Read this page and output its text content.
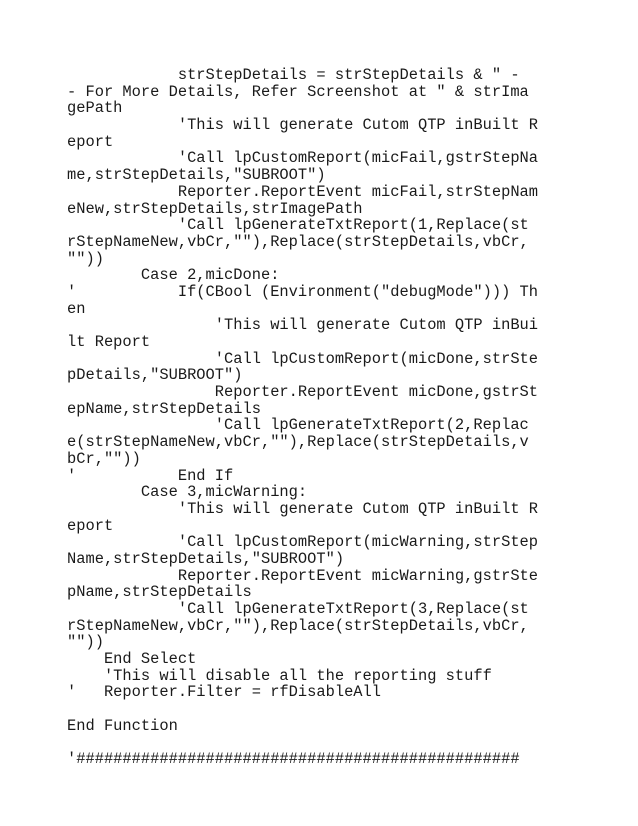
strStepDetails = strStepDetails & " -
- For More Details, Refer Screenshot at " & strIma
gePath
'This will generate Cutom QTP inBuilt R
eport
'Call lpCustomReport(micFail,gstrStepNa
me,strStepDetails,"SUBROOT")
Reporter.ReportEvent micFail,strStepNam
eNew,strStepDetails,strImagePath
'Call lpGenerateTxtReport(1,Replace(st
rStepNameNew,vbCr,""),Replace(strStepDetails,vbCr,
""))
Case 2,micDone:
'           If(CBool (Environment("debugMode"))) Th
en
'This will generate Cutom QTP inBui
lt Report
'Call lpCustomReport(micDone,strSte
pDetails,"SUBROOT")
Reporter.ReportEvent micDone,gstrSt
epName,strStepDetails
'Call lpGenerateTxtReport(2,Replac
e(strStepNameNew,vbCr,""),Replace(strStepDetails,v
bCr,""))
'           End If
Case 3,micWarning:
'This will generate Cutom QTP inBuilt R
eport
'Call lpCustomReport(micWarning,strStep
Name,strStepDetails,"SUBROOT")
Reporter.ReportEvent micWarning,gstrSte
pName,strStepDetails
'Call lpGenerateTxtReport(3,Replace(st
rStepNameNew,vbCr,""),Replace(strStepDetails,vbCr,
""))
End Select
'This will disable all the reporting stuff
'   Reporter.Filter = rfDisableAll
End Function
'################################################
